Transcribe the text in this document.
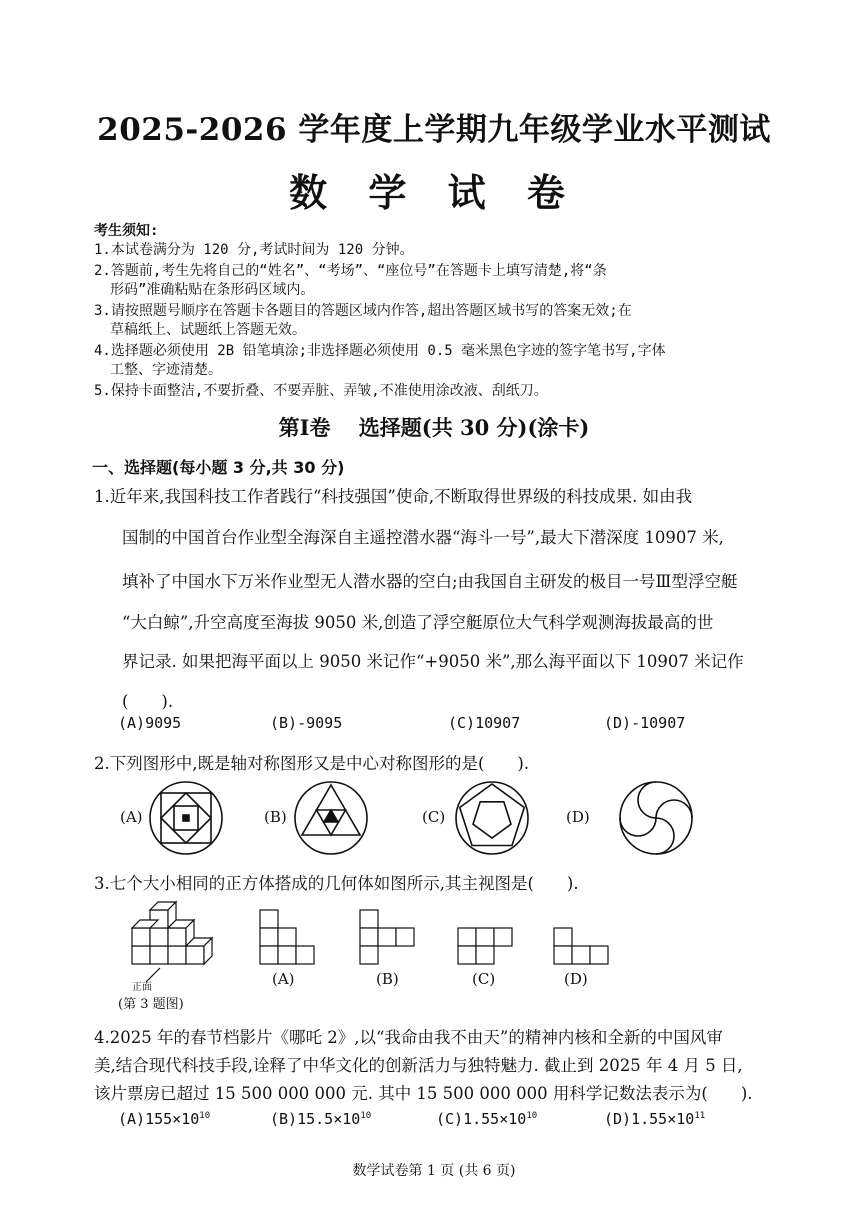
2025-2026 学年度上学期九年级学业水平测试
数 学 试 卷

考生须知:

1.本试卷满分为 120 分,考试时间为 120 分钟。

2.答题前,考生先将自己的“姓名”、“考场”、“座位号”在答题卡上填写清楚,将“条

形码”准确粘贴在条形码区域内。

3.请按照题号顺序在答题卡各题目的答题区域内作答,超出答题区域书写的答案无效;在

草稿纸上、试题纸上答题无效。

4.选择题必须使用 2B 铅笔填涂;非选择题必须使用 0.5 毫米黑色字迹的签字笔书写,字体

工整、字迹清楚。

5.保持卡面整洁,不要折叠、不要弄脏、弄皱,不准使用涂改液、刮纸刀。

第Ⅰ卷　 选择题(共 30 分)(涂卡)
一、选择题(每小题 3 分,共 30 分)
1.近年来,我国科技工作者践行“科技强国”使命,不断取得世界级的科技成果. 如由我
国制的中国首台作业型全海深自主遥控潜水器“海斗一号”,最大下潜深度 10907 米,
填补了中国水下万米作业型无人潜水器的空白;由我国自主研发的极目一号Ⅲ型浮空艇
“大白鲸”,升空高度至海拔 9050 米,创造了浮空艇原位大气科学观测海拔最高的世
界记录. 如果把海平面以上 9050 米记作“+9050 米”,那么海平面以下 10907 米记作
(　　).
(A)9095	(B)-9095	(C)10907	(D)-10907
2.下列图形中,既是轴对称图形又是中心对称图形的是(　　).
(A)	(B)	(C)	(D)
3.七个大小相同的正方体搭成的几何体如图所示,其主视图是(　　).
正面
(第 3 题图)
(A)	(B)	(C)	(D)
4.2025 年的春节档影片《哪吒 2》,以“我命由我不由天”的精神内核和全新的中国风审
美,结合现代科技手段,诠释了中华文化的创新活力与独特魅力. 截止到 2025 年 4 月 5 日,
该片票房已超过 15 500 000 000 元. 其中 15 500 000 000 用科学记数法表示为(　　).
$(A)155\times 10^{10}$	$(B)15.5\times 10^{10}$	$(C)1.55\times 10^{10}$	$(D)1.55\times 10^{11}$
数学试卷第 1 页 (共 6 页)
